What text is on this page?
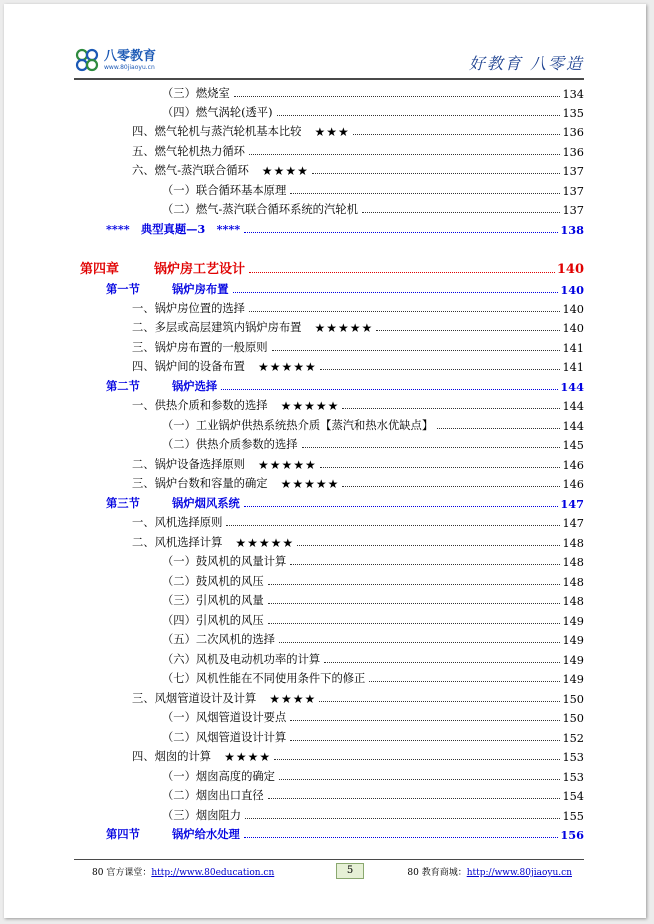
八零教育
www.80jiaoyu.cn	好教育 八零造
（三）燃烧室	134
（四）燃气涡轮(透平)	135
四、燃气轮机与蒸汽轮机基本比较 ★★★	136
五、燃气轮机热力循环	136
六、燃气-蒸汽联合循环 ★★★★	137
（一）联合循环基本原理	137
（二）燃气-蒸汽联合循环系统的汽轮机	137
****　典型真题—3　****	138
第四章	锅炉房工艺设计	140
第一节	锅炉房布置	140
一、锅炉房位置的选择	140
二、多层或高层建筑内锅炉房布置 ★★★★★	140
三、锅炉房布置的一般原则	141
四、锅炉间的设备布置 ★★★★★	141
第二节	锅炉选择	144
一、供热介质和参数的选择 ★★★★★	144
（一）工业锅炉供热系统热介质【蒸汽和热水优缺点】	144
（二）供热介质参数的选择	145
二、锅炉设备选择原则 ★★★★★	146
三、锅炉台数和容量的确定 ★★★★★	146
第三节	锅炉烟风系统	147
一、风机选择原则	147
二、风机选择计算 ★★★★★	148
（一）鼓风机的风量计算	148
（二）鼓风机的风压	148
（三）引风机的风量	148
（四）引风机的风压	149
（五）二次风机的选择	149
（六）风机及电动机功率的计算	149
（七）风机性能在不同使用条件下的修正	149
三、风烟管道设计及计算 ★★★★	150
（一）风烟管道设计要点	150
（二）风烟管道设计计算	152
四、烟囱的计算 ★★★★	153
（一）烟囱高度的确定	153
（二）烟囱出口直径	154
（三）烟囱阻力	155
第四节	锅炉给水处理	156
80 官方课堂：http://www.80education.cn	5	80 教育商城：http://www.80jiaoyu.cn
